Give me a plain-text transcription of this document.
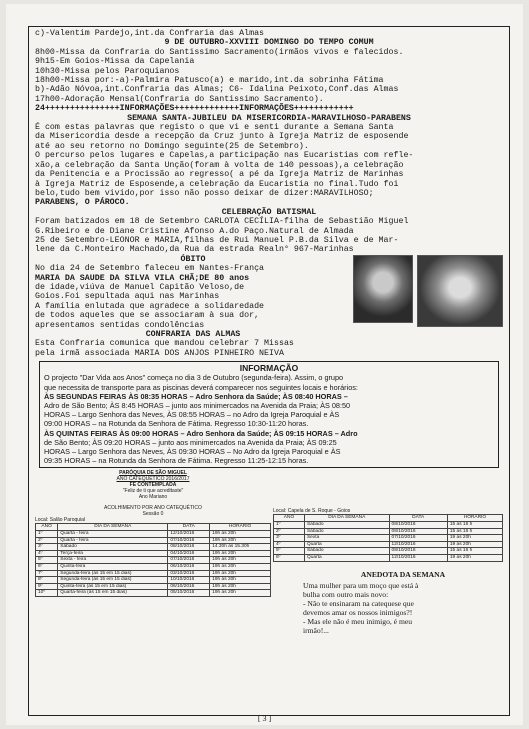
c)-Valentim Pardejo,int.da Confraria das Almas
9 DE OUTUBRO-XXVIII DOMINGO DO TEMPO COMUM
8h00-Missa da Confraria do Santissimo Sacramento(irmãos vivos e falecidos.
9h15-Em Goios-Missa da Capelania
10h30-Missa pelos Paroquianos
18h00-Missa por:-a)-Palmira Patusco(a) e marido,int.da sobrinha Fátima
b)-Adão Nóvoa,int.Confraria das Almas; C6- Idalina Peixoto,Conf.das Almas
17h00-Adoração Mensal(Confraria do Santissimo Sacramento).
24+++++++++++++++INFORMAÇÕES+++++++++++++INFORMAÇÕES++++++++++++
SEMANA SANTA-JUBILEU DA MISERICORDIA-MARAVILHOSO-PARABENS
É com estas palavras que registo o que vi e senti durante a Semana Santa
da Misericordia desde a recepção da Cruz junto à Igreja Matriz de esposende
até ao seu retorno no Domingo seguinte(25 de Setembro).
O percurso pelos lugares e Capelas,a participação nas Eucaristias com refle-
xão,a celebração da Santa Unção(foram à volta de 140 pessoas),a celebração
da Penitencia e a Procissão ao regresso( a pé da Igreja Matriz de Marinhas
à Igreja Matriz de Esposende,a celebração da Eucaristia no final.Tudo foi
belo,tudo bem vivido,por isso não posso deixar de dizer:MARAVILHOSO;
PARABENS, O PÁROCO.
CELEBRAÇÃO BATISMAL
Foram batizados em 18 de Setembro CARLOTA CECÍLIA-filha de Sebastião Miguel
G.Ribeiro e de Diane Cristine Afonso A.do Paço.Natural de Almada
25 de Setembro-LEONOR e MARIA,filhas de Rui Manuel P.B.da Silva e de Mar-
lene da C.Monteiro Machado,da Rua da estrada Realn° 967-Marinhas
ÓBITO
No dia 24 de Setembro faleceu em Nantes-França
MARIA DA SAUDE DA SILVA VILA CHÃ;DE 80 anos
de idade,viúva de Manuel Capitão Veloso,de
Goios.Foi sepultada aqui nas Marinhas
A família enlutada que agradece a solidaredade
de todos aqueles que se associaram à sua dor,
apresentamos sentidas condolências
CONFRARIA DAS ALMAS
Esta Confraria comunica que mandou celebrar 7 Missas
pela irmã associada MARIA DOS ANJOS PINHEIRO NEIVA
INFORMAÇÃO
O projecto "Dar Vida aos Anos" começa no dia 3 de Outubro (segunda-feira). Assim, o grupo
que necessita de transporte para as piscinas deverá comparecer nos seguintes locais e horários:
ÀS SEGUNDAS FEIRAS ÀS 08:35 HORAS – Adro Senhora da Saúde; ÀS 08:40 HORAS –
Adro de São Bento; ÀS 8:45 HORAS – junto aos minimercados na Avenida da Praia; ÀS 08:50
HORAS – Largo Senhora das Neves, ÀS 08:55 HORAS – no Adro da Igreja Paroquial e ÀS
09:00 HORAS – na Rotunda da Senhora de Fátima. Regresso 10:30-11:20 horas.
ÀS QUINTAS FEIRAS ÀS 09:00 HORAS – Adro Senhora da Saúde; ÀS 09:15 HORAS – Adro
de São Bento; ÀS 09:20 HORAS – junto aos minimercados na Avenida da Praia; ÀS 09:25
HORAS – Largo Senhora das Neves, ÀS 09:30 HORAS – No Adro da Igreja Paroquial e ÀS
09:35 HORAS – na Rotunda da Senhora de Fátima. Regresso 11:25-12:15 horas.
PARÓQUIA DE SÃO MIGUEL
ANO CATEQUÉTICO 2016/2017
FÉ CONTEMPLADA
"Feliz de ti que acreditaste"
Ano Mariano
ACOLHIMENTO POR ANO CATEQUÉTICO
Sessão 0
Local: Salão Paroquial
ANO	DIA DA SEMANA	DATA	HORÁRIO
1º	Quarta - feira	12/10/2016	19h às 20h
2º	Quarta - feira	07/10/2016	19h às 20h
3º	Sábado	08/10/2016	14.30h às 15.30h
4º	Terça-feira	04/10/2016	19h às 20h
5º	Sexta - feira	07/10/2016	19h às 20h
6º	Quinta-feira	06/10/2016	19h às 20h
7º	Segunda-feira (às 15 em 15 dias)	03/10/2016	19h às 20h
8º	Segunda-feira (às 15 em 15 dias)	10/10/2016	19h às 20h
9º	Quinta-feira (às 15 em 15 dias)	06/10/2016	19h às 20h
10º	Quarta-feira (às 15 em 15 dias)	05/10/2016	19h às 20h
Local: Capela de S. Roque - Goios
ANO	DIA DA SEMANA	DATA	HORÁRIO
1º	Sábado	08/10/2016	15 às 16 h
2º	Sábado	08/10/2016	15 às 16 h
3º	Sexta	07/10/2016	19 às 20h
4º	Quarta	12/10/2016	19 às 20h
5º	Sábado	08/10/2016	15 às 16 h
6º	Quarta	12/10/2016	19 às 20h
ANEDOTA DA SEMANA
Uma mulher para um moço que está à
bulha com outro mais novo:
- Não te ensinaram na catequese que
devemos amar os nossos inimigos?!
- Mas ele não é meu inimigo, é meu
irmão!...
[ 3 ]
